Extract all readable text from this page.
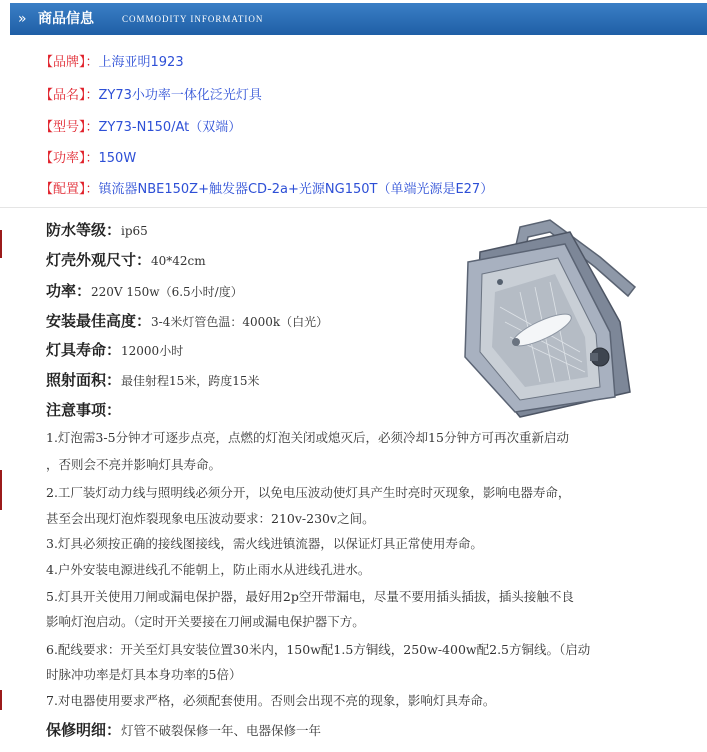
» 商品信息	COMMODITY INFORMATION
【品牌】：上海亚明1923
【品名】：ZY73小功率一体化泛光灯具
【型号】：ZY73-N150/At（双端）
【功率】：150W
【配置】：镇流器NBE150Z+触发器CD-2a+光源NG150T（单端光源是E27）
防水等级：ip65
灯壳外观尺寸：40*42cm
功率：220V 150w（6.5小时/度）
安装最佳高度：3-4米灯管色温：4000k（白光）
灯具寿命：12000小时
照射面积：最佳射程15米，跨度15米
注意事项：
1.灯泡需3-5分钟才可逐步点亮，点燃的灯泡关闭或熄灭后，必须冷却15分钟方可再次重新启动
，否则会不亮并影响灯具寿命。
2.工厂装灯动力线与照明线必须分开，以免电压波动使灯具产生时亮时灭现象，影响电器寿命，
甚至会出现灯泡炸裂现象电压波动要求：210v-230v之间。
3.灯具必须按正确的接线图接线，需火线进镇流器，以保证灯具正常使用寿命。
4.户外安装电源进线孔不能朝上，防止雨水从进线孔进水。
5.灯具开关使用刀闸或漏电保护器，最好用2p空开带漏电，尽量不要用插头插拔，插头接触不良
影响灯泡启动。（定时开关要接在刀闸或漏电保护器下方。
6.配线要求：开关至灯具安装位置30米内，150w配1.5方铜线，250w-400w配2.5方铜线。（启动
时脉冲功率是灯具本身功率的5倍）
7.对电器使用要求严格，必须配套使用。否则会出现不亮的现象，影响灯具寿命。
保修明细：灯管不破裂保修一年、电器保修一年
